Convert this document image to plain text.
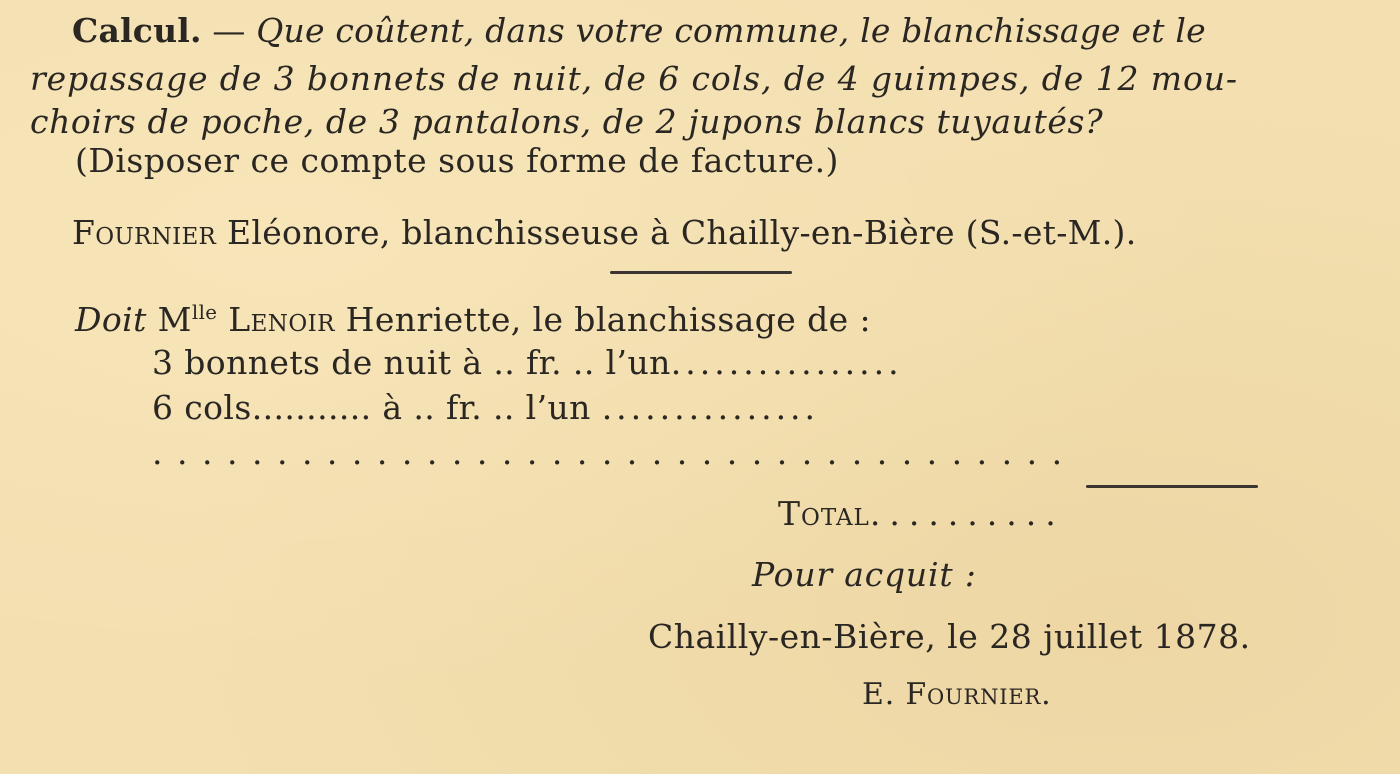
Calcul. — Que coûtent, dans votre commune, le blanchissage et le
repassage de 3 bonnets de nuit, de 6 cols, de 4 guimpes, de 12 mou-
choirs de poche, de 3 pantalons, de 2 jupons blancs tuyautés?
(Disposer ce compte sous forme de facture.)
Fournier Eléonore, blanchisseuse à Chailly-en-Bière (S.-et-M.).
Doit $M^{lle}$ Lenoir Henriette, le blanchissage de :
3 bonnets de nuit à .. fr. .. l’un................
6 cols........... à .. fr. .. l’un ...............
.....................................
Total..........
Pour acquit :
Chailly-en-Bière, le 28 juillet 1878.
E. Fournier.
